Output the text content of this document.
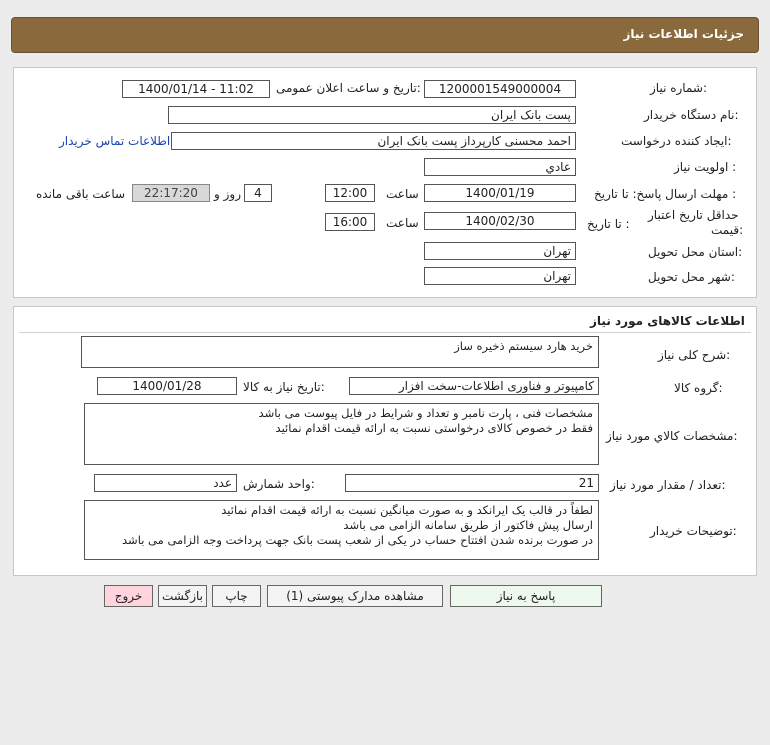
جزئیات اطلاعات نیاز
شماره نیاز:
1200001549000004
تاریخ و ساعت اعلان عمومی:
1400/01/14 - 11:02
نام دستگاه خریدار:
پست بانک ایران
ایجاد کننده درخواست:
احمد محسنی کارپرداز پست بانک ایران
اطلاعات تماس خریدار
اولویت نیاز :
عادي
مهلت ارسال پاسخ: تا تاریخ :
1400/01/19
ساعت
12:00
4
روز و
22:17:20
ساعت باقی مانده
حداقل تاریخ اعتبار
قیمت:
تا تاریخ :
1400/02/30
ساعت
16:00
استان محل تحویل:
تهران
شهر محل تحویل:
تهران
اطلاعات کالاهای مورد نیاز
شرح کلی نیاز:
خرید هارد سیستم ذخیره ساز
گروه کالا:
کامپیوتر و فناوری اطلاعات-سخت افزار
تاریخ نیاز به کالا:
1400/01/28
مشخصات کالاي مورد نیاز:
مشخصات فنی ، پارت نامبر و تعداد و شرایط در فایل پیوست می باشد
فقط در خصوص کالای درخواستی نسبت به ارائه قیمت اقدام نمائید
تعداد / مقدار مورد نیاز:
21
واحد شمارش:
عدد
توضیحات خریدار:
لطفاً در قالب یک ایرانکد و به صورت میانگین نسبت به ارائه قیمت اقدام نمائید
ارسال پیش فاکتور از طریق سامانه الزامی می باشد
در صورت برنده شدن افتتاح حساب در یکی از شعب پست بانک جهت پرداخت وجه الزامی می باشد
پاسخ به نیاز
مشاهده مدارک پیوستی (1)
چاپ
بازگشت
خروج
